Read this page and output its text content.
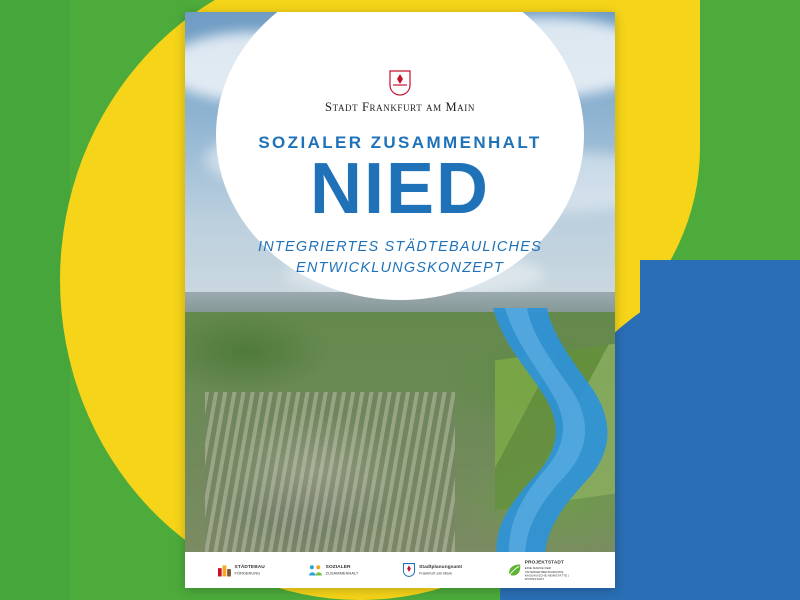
Stadt Frankfurt am Main
SOZIALER ZUSAMMENHALT
NIED
INTEGRIERTES STÄDTEBAULICHES
ENTWICKLUNGSKONZEPT
STÄDTEBAU
FÖRDERUNG
SOZIALER
ZUSAMMENHALT
Stadtplanungsamt
Frankfurt am Main
PROJEKTSTADT
EINE MARKE DER UNTERNEHMENSGRUPPE NASSAUISCHE HEIMSTÄTTE | WOHNSTADT
